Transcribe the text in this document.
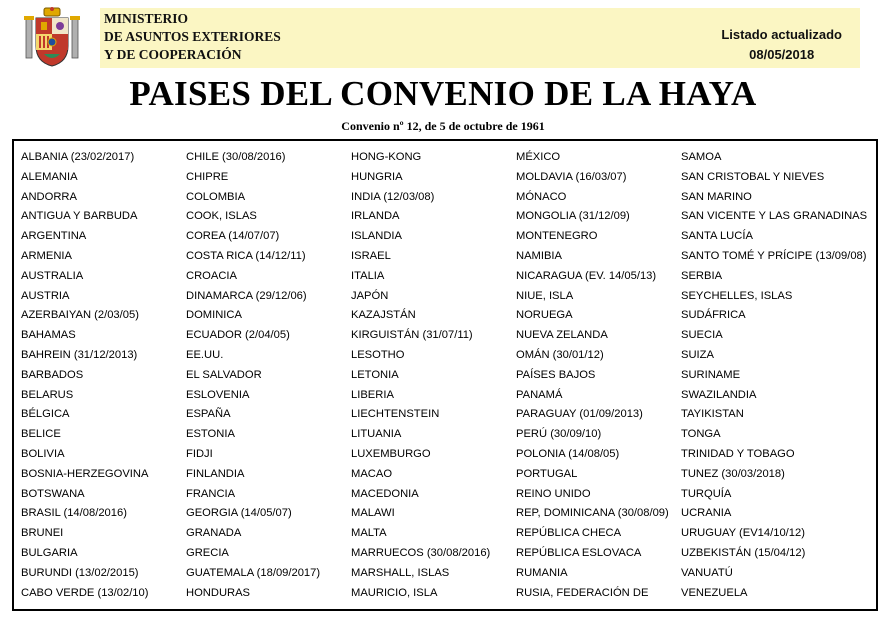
MINISTERIO
DE ASUNTOS EXTERIORES
Y DE COOPERACIÓN
Listado actualizado
08/05/2018
PAISES DEL CONVENIO DE LA HAYA
Convenio nº 12, de 5 de octubre de 1961
ALBANIA (23/02/2017)
ALEMANIA
ANDORRA
ANTIGUA Y BARBUDA
ARGENTINA
ARMENIA
AUSTRALIA
AUSTRIA
AZERBAIYAN (2/03/05)
BAHAMAS
BAHREIN (31/12/2013)
BARBADOS
BELARUS
BÉLGICA
BELICE
BOLIVIA
BOSNIA-HERZEGOVINA
BOTSWANA
BRASIL (14/08/2016)
BRUNEI
BULGARIA
BURUNDI (13/02/2015)
CABO VERDE (13/02/10)
CHILE (30/08/2016)
CHIPRE
COLOMBIA
COOK, ISLAS
COREA (14/07/07)
COSTA RICA (14/12/11)
CROACIA
DINAMARCA (29/12/06)
DOMINICA
ECUADOR (2/04/05)
EE.UU.
EL SALVADOR
ESLOVENIA
ESPAÑA
ESTONIA
FIDJI
FINLANDIA
FRANCIA
GEORGIA (14/05/07)
GRANADA
GRECIA
GUATEMALA (18/09/2017)
HONDURAS
HONG-KONG
HUNGRIA
INDIA (12/03/08)
IRLANDA
ISLANDIA
ISRAEL
ITALIA
JAPÓN
KAZAJSTÁN
KIRGUISTÁN (31/07/11)
LESOTHO
LETONIA
LIBERIA
LIECHTENSTEIN
LITUANIA
LUXEMBURGO
MACAO
MACEDONIA
MALAWI
MALTA
MARRUECOS (30/08/2016)
MARSHALL, ISLAS
MAURICIO, ISLA
MÉXICO
MOLDAVIA (16/03/07)
MÓNACO
MONGOLIA (31/12/09)
MONTENEGRO
NAMIBIA
NICARAGUA (EV. 14/05/13)
NIUE, ISLA
NORUEGA
NUEVA ZELANDA
OMÁN (30/01/12)
PAÍSES BAJOS
PANAMÁ
PARAGUAY (01/09/2013)
PERÚ (30/09/10)
POLONIA (14/08/05)
PORTUGAL
REINO UNIDO
REP, DOMINICANA (30/08/09)
REPÚBLICA CHECA
REPÚBLICA ESLOVACA
RUMANIA
RUSIA, FEDERACIÓN DE
SAMOA
SAN CRISTOBAL Y NIEVES
SAN MARINO
SAN VICENTE Y LAS GRANADINAS
SANTA LUCÍA
SANTO TOMÉ Y PRÍCIPE (13/09/08)
SERBIA
SEYCHELLES, ISLAS
SUDÁFRICA
SUECIA
SUIZA
SURINAME
SWAZILANDIA
TAYIKISTAN
TONGA
TRINIDAD Y TOBAGO
TUNEZ (30/03/2018)
TURQUÍA
UCRANIA
URUGUAY (EV14/10/12)
UZBEKISTÁN (15/04/12)
VANUATÚ
VENEZUELA
